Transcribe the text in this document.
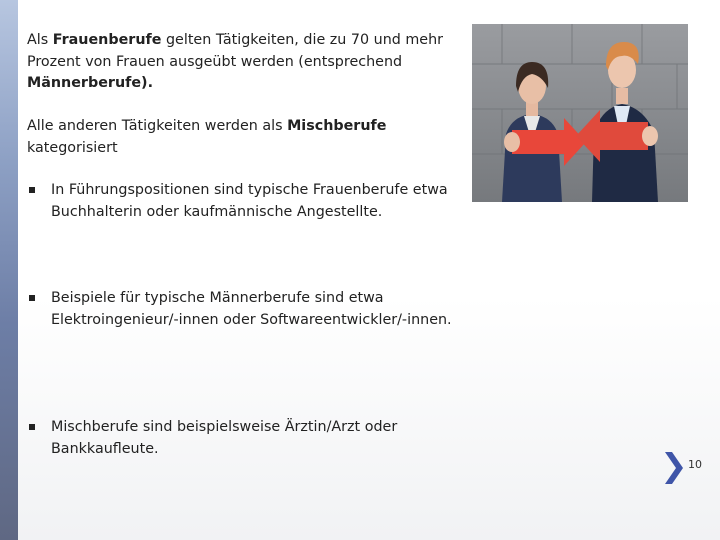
Als Frauenberufe gelten Tätigkeiten, die zu 70 und mehr Prozent von Frauen ausgeübt werden (entsprechend Männerberufe).

Alle anderen Tätigkeiten werden als Mischberufe
kategorisiert

In Führungspositionen sind typische Frauenberufe etwa Buchhalterin oder kaufmännische Angestellte.
Beispiele für typische Männerberufe sind etwa Elektroingenieur/-innen oder Softwareentwickler/-innen.
Mischberufe sind beispielsweise Ärztin/Arzt oder Bankkaufleute.
10
